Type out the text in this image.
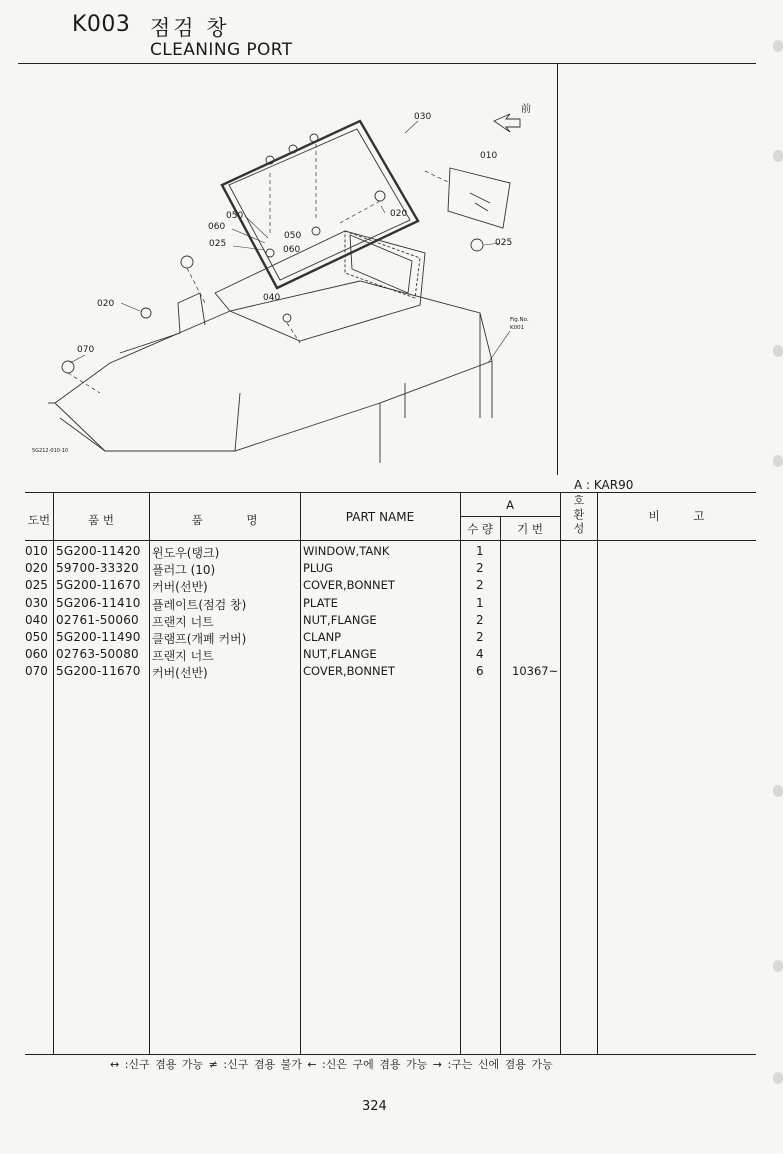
K003 점검 창
CLEANING PORT
030
010
050
060
020
025
050
060
025
020
040
070
前
Fig.No.
K001
5G212-010-10
A : KAR90
도번	품 번	품 명	PART NAME
A
수 량	기 번
호 환 성
비 고
010 5G200-11420 윈도우(탱크)	WINDOW,TANK	1
020 59700-33320 플러그 (10)	PLUG	2
025 5G200-11670 커버(선반)	COVER,BONNET	2
030 5G206-11410 플레이트(점검 창)	PLATE	1
040 02761-50060 프랜지 너트	NUT,FLANGE	2
050 5G200-11490 클램프(개폐 커버)	CLANP	2
060 02763-50080 프랜지 너트	NUT,FLANGE	4
070 5G200-11670 커버(선반)	COVER,BONNET	6 10367~
↔ :신구 겸용 가능 ≠ :신구 겸용 불가 ← :신은 구에 겸용 가능 → :구는 신에 겸용 가능
324
